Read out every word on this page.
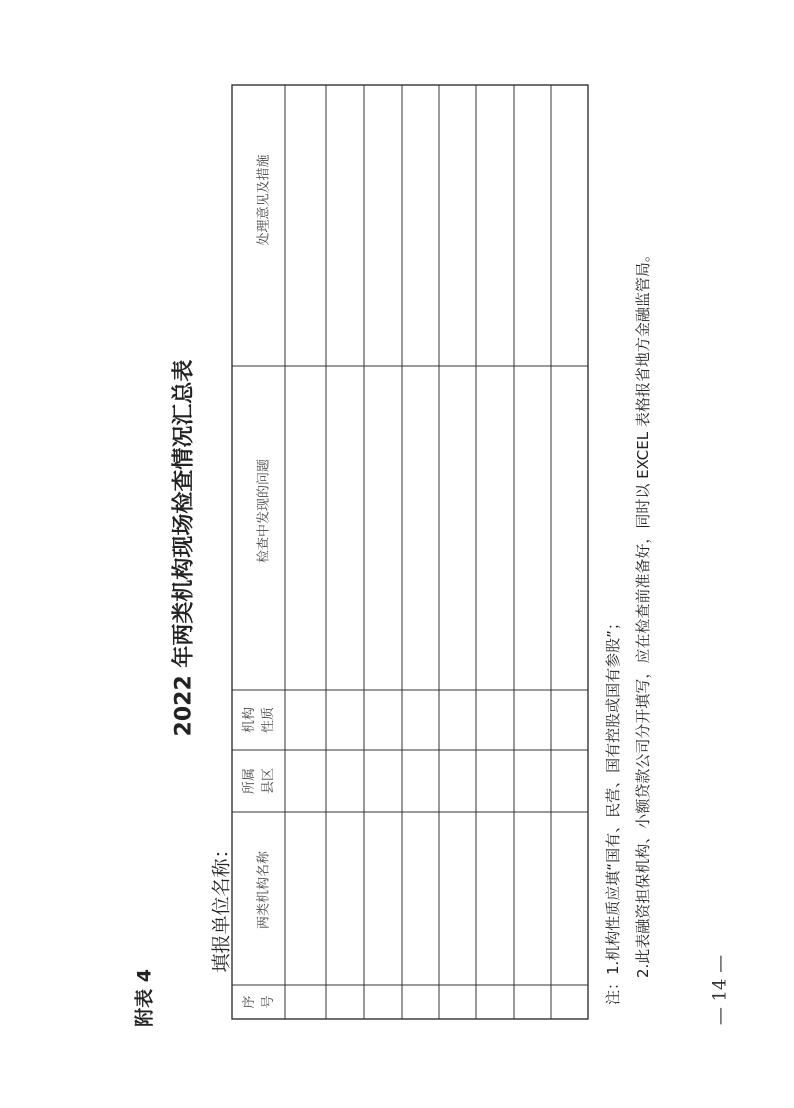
附表 4
2022 年两类机构现场检查情况汇总表
填报单位名称：
序 号
两类机构名称
所属 县区
机构 性质
检查中发现的问题
处理意见及措施
注：1.机构性质应填“国有、民营、国有控股或国有参股”； 2.此表融资担保机构、小额贷款公司分开填写，应在检查前准备好，同时以 EXCEL 表格报省地方金融监管局。
— 14 —
